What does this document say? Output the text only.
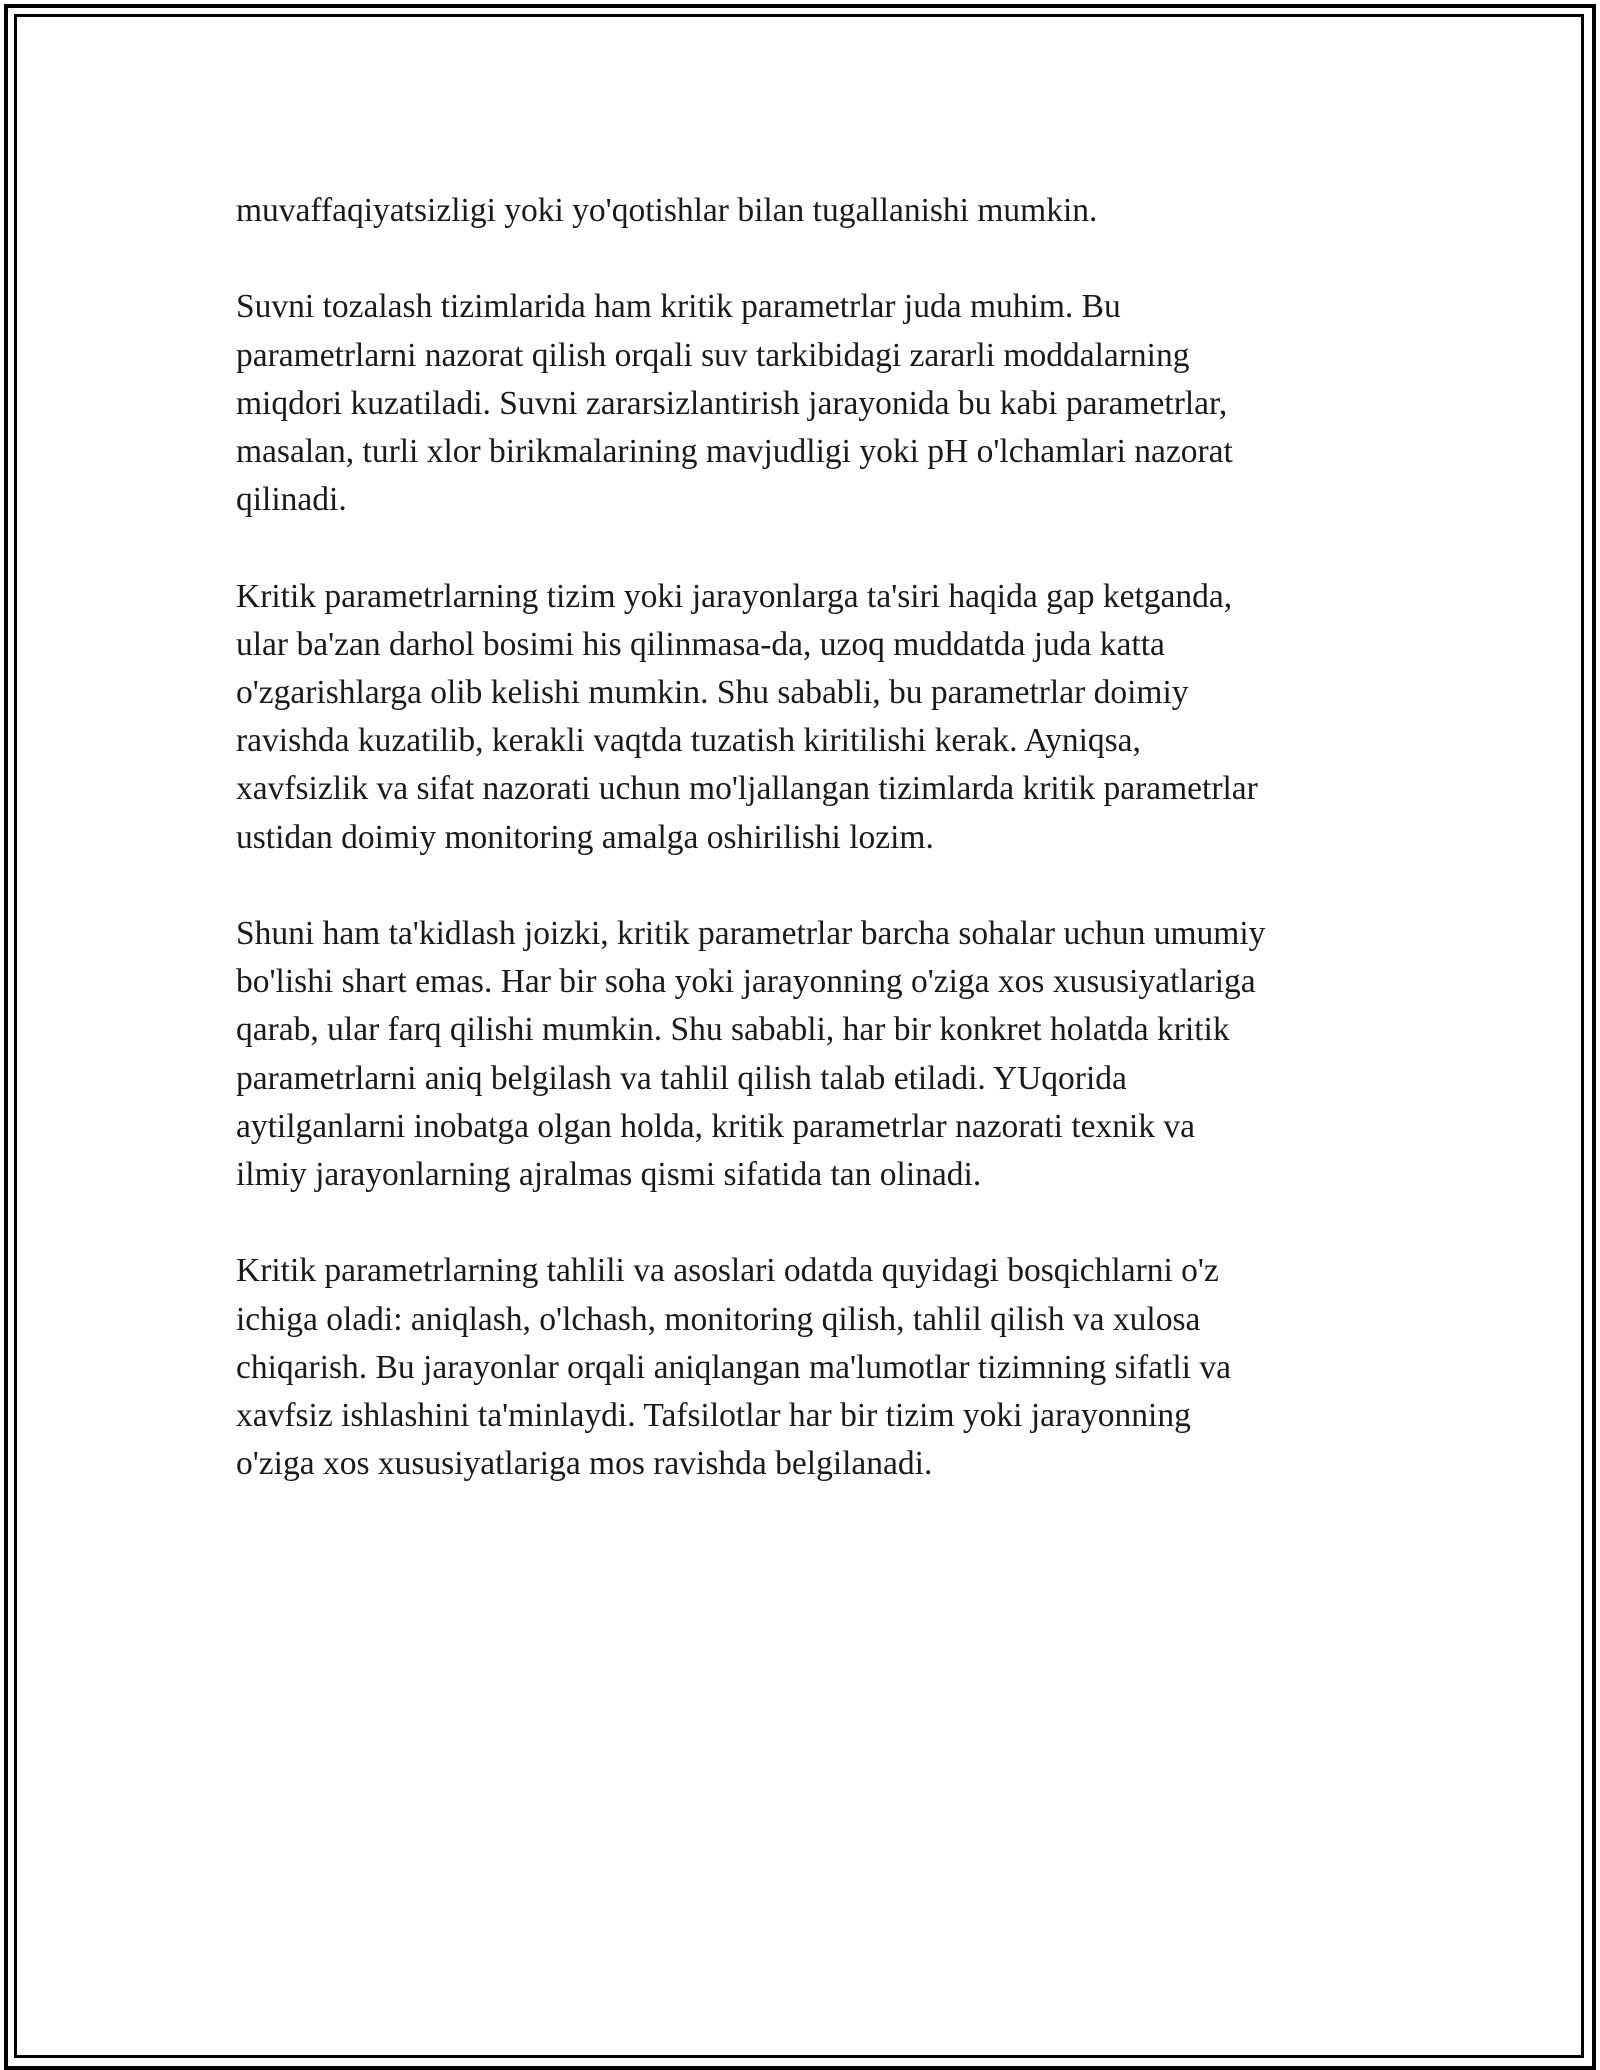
muvaffaqiyatsizligi yoki yo'qotishlar bilan tugallanishi mumkin.

Suvni tozalash tizimlarida ham kritik parametrlar juda muhim. Bu
parametrlarni nazorat qilish orqali suv tarkibidagi zararli moddalarning
miqdori kuzatiladi. Suvni zararsizlantirish jarayonida bu kabi parametrlar,
masalan, turli xlor birikmalarining mavjudligi yoki pH o'lchamlari nazorat
qilinadi.

Kritik parametrlarning tizim yoki jarayonlarga ta'siri haqida gap ketganda,
ular ba'zan darhol bosimi his qilinmasa-da, uzoq muddatda juda katta
o'zgarishlarga olib kelishi mumkin. Shu sababli, bu parametrlar doimiy
ravishda kuzatilib, kerakli vaqtda tuzatish kiritilishi kerak. Ayniqsa,
xavfsizlik va sifat nazorati uchun mo'ljallangan tizimlarda kritik parametrlar
ustidan doimiy monitoring amalga oshirilishi lozim.

Shuni ham ta'kidlash joizki, kritik parametrlar barcha sohalar uchun umumiy
bo'lishi shart emas. Har bir soha yoki jarayonning o'ziga xos xususiyatlariga
qarab, ular farq qilishi mumkin. Shu sababli, har bir konkret holatda kritik
parametrlarni aniq belgilash va tahlil qilish talab etiladi. YUqorida
aytilganlarni inobatga olgan holda, kritik parametrlar nazorati texnik va
ilmiy jarayonlarning ajralmas qismi sifatida tan olinadi.

Kritik parametrlarning tahlili va asoslari odatda quyidagi bosqichlarni o'z
ichiga oladi: aniqlash, o'lchash, monitoring qilish, tahlil qilish va xulosa
chiqarish. Bu jarayonlar orqali aniqlangan ma'lumotlar tizimning sifatli va
xavfsiz ishlashini ta'minlaydi. Tafsilotlar har bir tizim yoki jarayonning
o'ziga xos xususiyatlariga mos ravishda belgilanadi.
